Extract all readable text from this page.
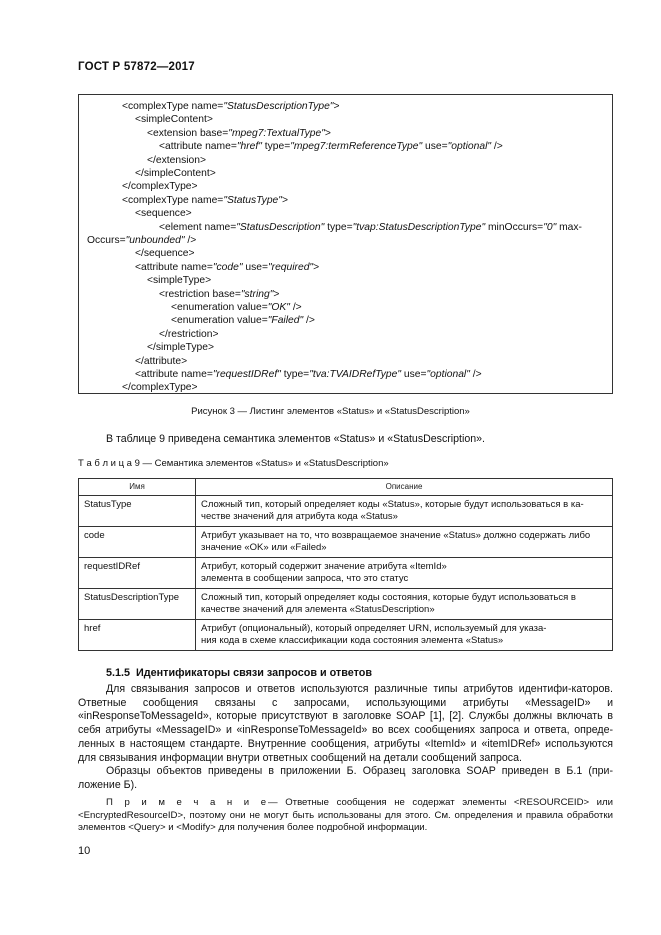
ГОСТ Р 57872—2017
<complexType name="StatusDescriptionType">
<simpleContent>
<extension base="mpeg7:TextualType">
<attribute name="href" type="mpeg7:termReferenceType" use="optional" />
</extension>
</simpleContent>
</complexType>
<complexType name="StatusType">
<sequence>
<element name="StatusDescription" type="tvap:StatusDescriptionType" minOccurs="0" max-
Occurs="unbounded" />
</sequence>
<attribute name="code" use="required">
<simpleType>
<restriction base="string">
<enumeration value="OK" />
<enumeration value="Failed" />
</restriction>
</simpleType>
</attribute>
<attribute name="requestIDRef" type="tva:TVAIDRefType" use="optional" />
</complexType>
Рисунок 3 — Листинг элементов «Status» и «StatusDescription»
В таблице 9 приведена семантика элементов «Status» и «StatusDescription».
Т а б л и ц а 9 — Семантика элементов «Status» и «StatusDescription»
Имя	Описание
StatusType	Сложный тип, который определяет коды «Status», которые будут использоваться в ка-
честве значений для атрибута кода «Status»

code	Атрибут указывает на то, что возвращаемое значение «Status» должно содержать либо
значение «OK» или «Failed»

requestIDRef	Атрибут, который содержит значение атрибута «ItemId»
элемента в сообщении запроса, что это статус

StatusDescriptionType	Сложный тип, который определяет коды состояния, которые будут использоваться в
качестве значений для элемента «StatusDescription»

href	Атрибут (опциональный), который определяет URN, используемый для указа-
ния кода в схеме классификации кода состояния элемента «Status»
5.1.5 Идентификаторы связи запросов и ответов

Для связывания запросов и ответов используются различные типы атрибутов идентифи-каторов. Ответные сообщения связаны с запросами, использующими атрибуты «MessageID» и «inResponseToMessageId», которые присутствуют в заголовке SOAP [1], [2]. Службы должны включать в себя атрибуты «MessageID» и «inResponseToMessageId» во всех сообщениях запроса и ответа, опреде-ленных в настоящем стандарте. Внутренние сообщения, атрибуты «ItemId» и «itemIDRef» используются для связывания информации внутри ответных сообщений на детали сообщений запроса.

Образцы объектов приведены в приложении Б. Образец заголовка SOAP приведен в Б.1 (при-ложение Б).

П р и м е ч а н и е— Ответные сообщения не содержат элементы <RESOURCEID> или <EncryptedResourceID>, поэтому они не могут быть использованы для этого. См. определения и правила обработки элементов <Query> и <Modify> для получения более подробной информации.
10
